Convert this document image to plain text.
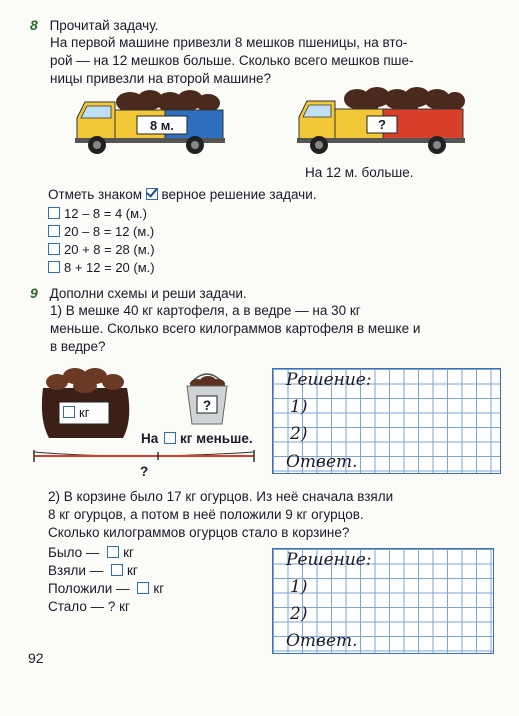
8 Прочитай задачу.
На первой машине привезли 8 мешков пшеницы, на вто-
рой — на 12 мешков больше. Сколько всего мешков пше-
ницы привезли на второй машине?
8 м.	?
На 12 м. больше.
Отметь знаком верное решение задачи.
12 – 8 = 4 (м.)
20 – 8 = 12 (м.)
20 + 8 = 28 (м.)
8 + 12 = 20 (м.)
9 Дополни схемы и реши задачи.
1) В мешке 40 кг картофеля, а в ведре — на 30 кг
меньше. Сколько всего килограммов картофеля в мешке и
в ведре?
кг	?
На кг меньше.
?
Решение:
1)
2)
Ответ.
2) В корзине было 17 кг огурцов. Из неё сначала взяли
8 кг огурцов, а потом в неё положили 9 кг огурцов.
Сколько килограммов огурцов стало в корзине?
Было — кг
Взяли — кг
Положили — кг
Стало — ? кг
Решение:
1)
2)
Ответ.
92
